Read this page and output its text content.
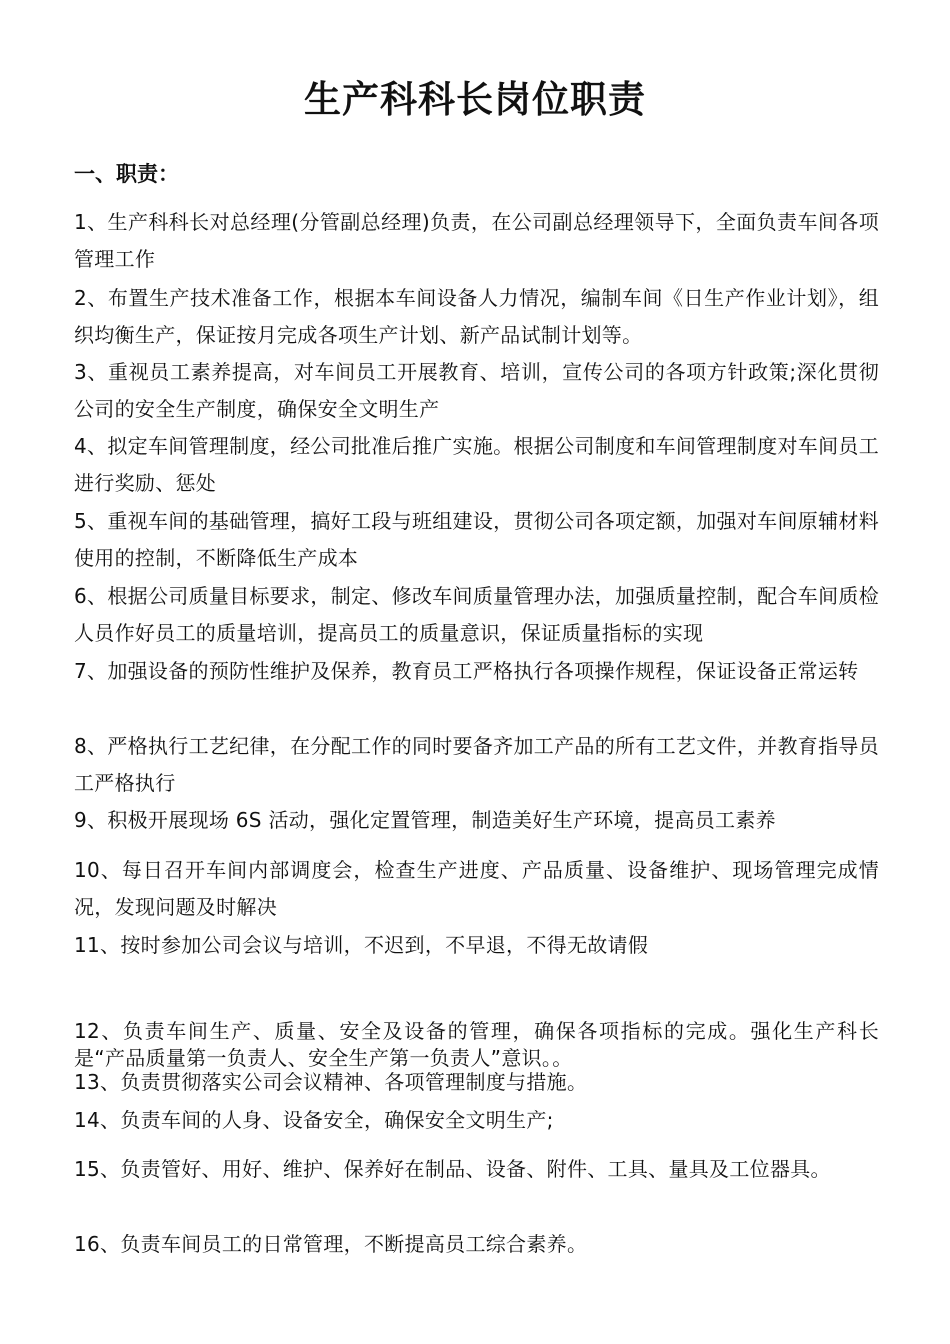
生产科科长岗位职责
一、职责：
1、生产科科长对总经理(分管副总经理)负责，在公司副总经理领导下，全面负责车间各项管理工作
2、布置生产技术准备工作，根据本车间设备人力情况，编制车间《日生产作业计划》，组织均衡生产，保证按月完成各项生产计划、新产品试制计划等。
3、重视员工素养提高，对车间员工开展教育、培训，宣传公司的各项方针政策;深化贯彻公司的安全生产制度，确保安全文明生产
4、拟定车间管理制度，经公司批准后推广实施。根据公司制度和车间管理制度对车间员工进行奖励、惩处
5、重视车间的基础管理，搞好工段与班组建设，贯彻公司各项定额，加强对车间原辅材料使用的控制，不断降低生产成本
6、根据公司质量目标要求，制定、修改车间质量管理办法，加强质量控制，配合车间质检人员作好员工的质量培训，提高员工的质量意识，保证质量指标的实现
7、加强设备的预防性维护及保养，教育员工严格执行各项操作规程，保证设备正常运转
8、严格执行工艺纪律，在分配工作的同时要备齐加工产品的所有工艺文件，并教育指导员工严格执行
9、积极开展现场 6S 活动，强化定置管理，制造美好生产环境，提高员工素养
10、每日召开车间内部调度会，检查生产进度、产品质量、设备维护、现场管理完成情况，发现问题及时解决
11、按时参加公司会议与培训，不迟到，不早退，不得无故请假
12、负责车间生产、质量、安全及设备的管理，确保各项指标的完成。强化生产科长是“产品质量第一负责人、安全生产第一负责人”意识。。
13、负责贯彻落实公司会议精神、各项管理制度与措施。
14、负责车间的人身、设备安全，确保安全文明生产;
15、负责管好、用好、维护、保养好在制品、设备、附件、工具、量具及工位器具。
16、负责车间员工的日常管理，不断提高员工综合素养。
